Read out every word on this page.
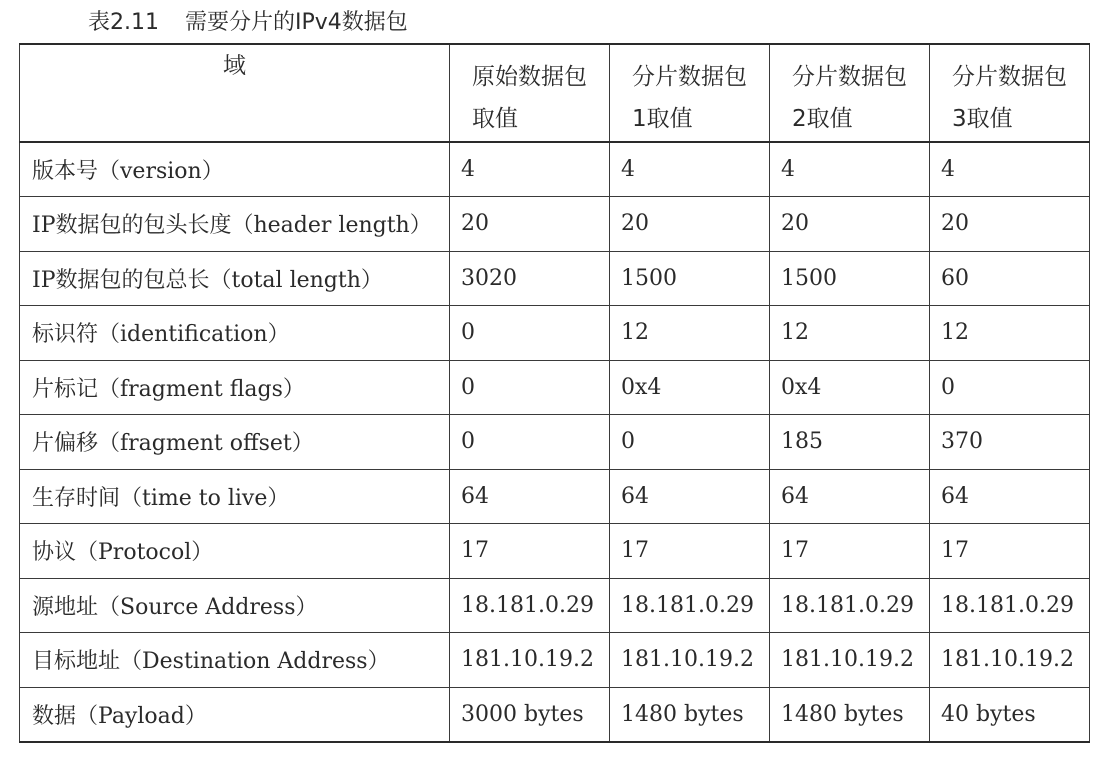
表2.11 需要分片的IPv4数据包
域	原始数据包取值	分片数据包1取值	分片数据包2取值	分片数据包3取值

版本号（version）	4	4	4	4
IP数据包的包头长度（header length）	20	20	20	20
IP数据包的包总长（total length）	3020	1500	1500	60
标识符（identification）	0	12	12	12
片标记（fragment flags）	0	0x4	0x4	0
片偏移（fragment offset）	0	0	185	370
生存时间（time to live）	64	64	64	64
协议（Protocol）	17	17	17	17
源地址（Source Address）	18.181.0.29	18.181.0.29	18.181.0.29	18.181.0.29
目标地址（Destination Address）	181.10.19.2	181.10.19.2	181.10.19.2	181.10.19.2
数据（Payload）	3000 bytes	1480 bytes	1480 bytes	40 bytes
